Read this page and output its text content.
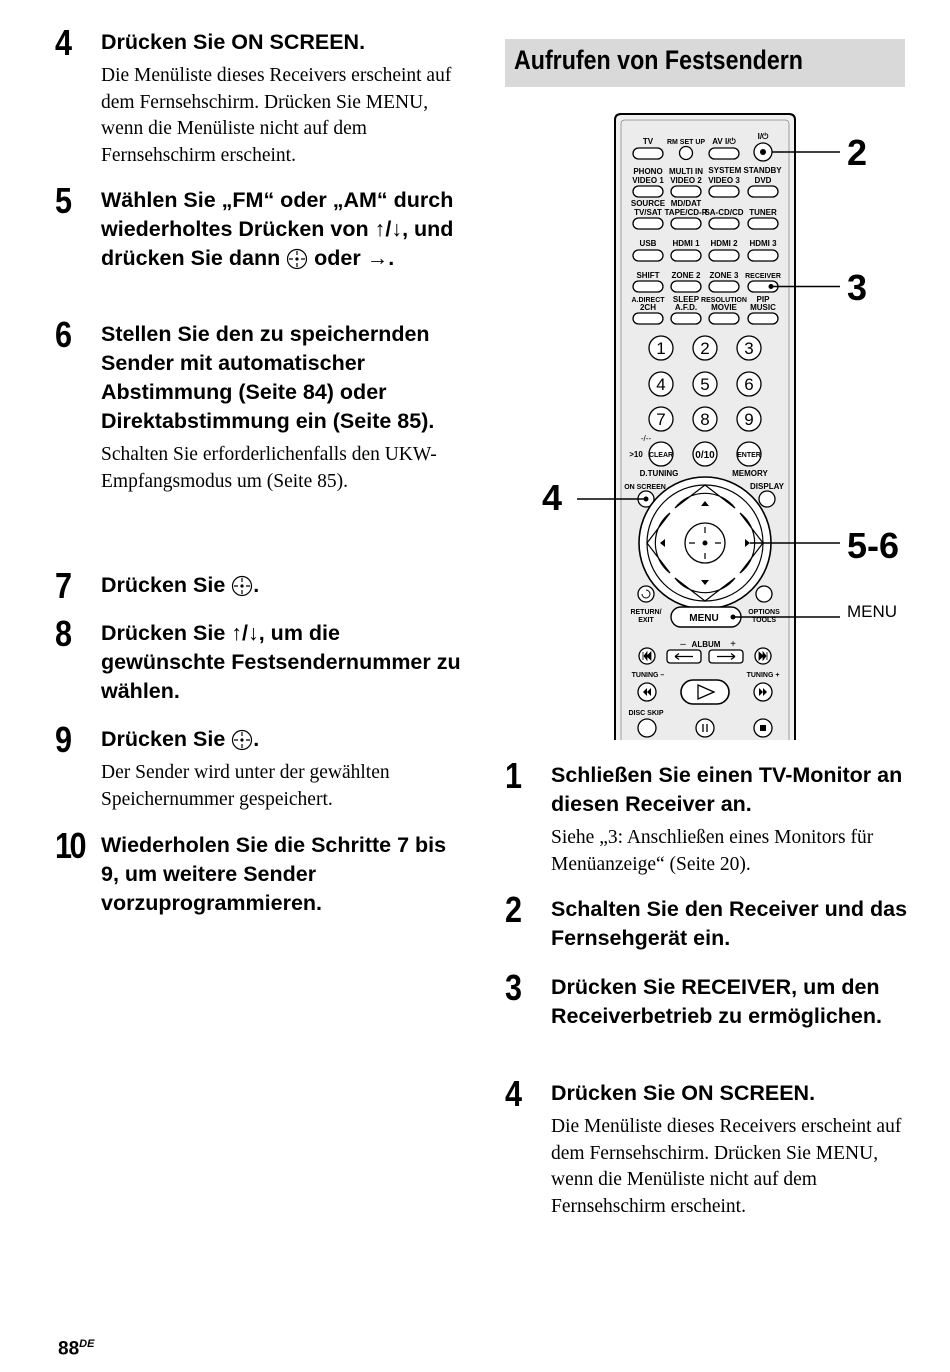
4 Drücken Sie ON SCREEN.
Die Menüliste dieses Receivers erscheint auf dem Fernsehschirm. Drücken Sie MENU, wenn die Menüliste nicht auf dem Fernsehschirm erscheint.
5 Wählen Sie „FM“ oder „AM“ durch wiederholtes Drücken von ↑/↓, und drücken Sie dann  oder →.
6 Stellen Sie den zu speichernden Sender mit automatischer Abstimmung (Seite 84) oder Direktabstimmung ein (Seite 85).
Schalten Sie erforderlichenfalls den UKW-Empfangsmodus um (Seite 85).
7 Drücken Sie .
8 Drücken Sie ↑/↓, um die gewünschte Festsendernummer zu wählen.
9 Drücken Sie .
Der Sender wird unter der gewählten Speichernummer gespeichert.
10 Wiederholen Sie die Schritte 7 bis 9, um weitere Sender vorzuprogrammieren.
Aufrufen von Festsendern
TV RM SET UP AV I/⏻
I/⏻
PHONO
VIDEO 1
MULTI IN
VIDEO 2
SYSTEM STANDBY
VIDEO 3 DVD
SOURCE
TV/SAT
MD/DAT
TAPE/CD-R
SA-CD/CD TUNER
USB HDMI 1 HDMI 2 HDMI 3
SHIFT ZONE 2 ZONE 3 RECEIVER
A.DIRECT
2CH
SLEEP
A.F.D.
RESOLUTION
MOVIE
PIP
MUSIC
1 2 3
4 5 6
7 8 9
-/--
>10 CLEAR 0/10	ENTER
D.TUNING	MEMORY
ON SCREEN	DISPLAY
RETURN/
EXIT
OPTIONS
TOOLS
MENU
– ALBUM +
TUNING –	TUNING +
DISC SKIP
2
3
4
5-6
MENU
1 Schließen Sie einen TV-Monitor an diesen Receiver an.
Siehe „3: Anschließen eines Monitors für Menüanzeige“ (Seite 20).
2 Schalten Sie den Receiver und das Fernsehgerät ein.
3 Drücken Sie RECEIVER, um den Receiverbetrieb zu ermöglichen.
4 Drücken Sie ON SCREEN.
Die Menüliste dieses Receivers erscheint auf dem Fernsehschirm. Drücken Sie MENU, wenn die Menüliste nicht auf dem Fernsehschirm erscheint.
88DE
